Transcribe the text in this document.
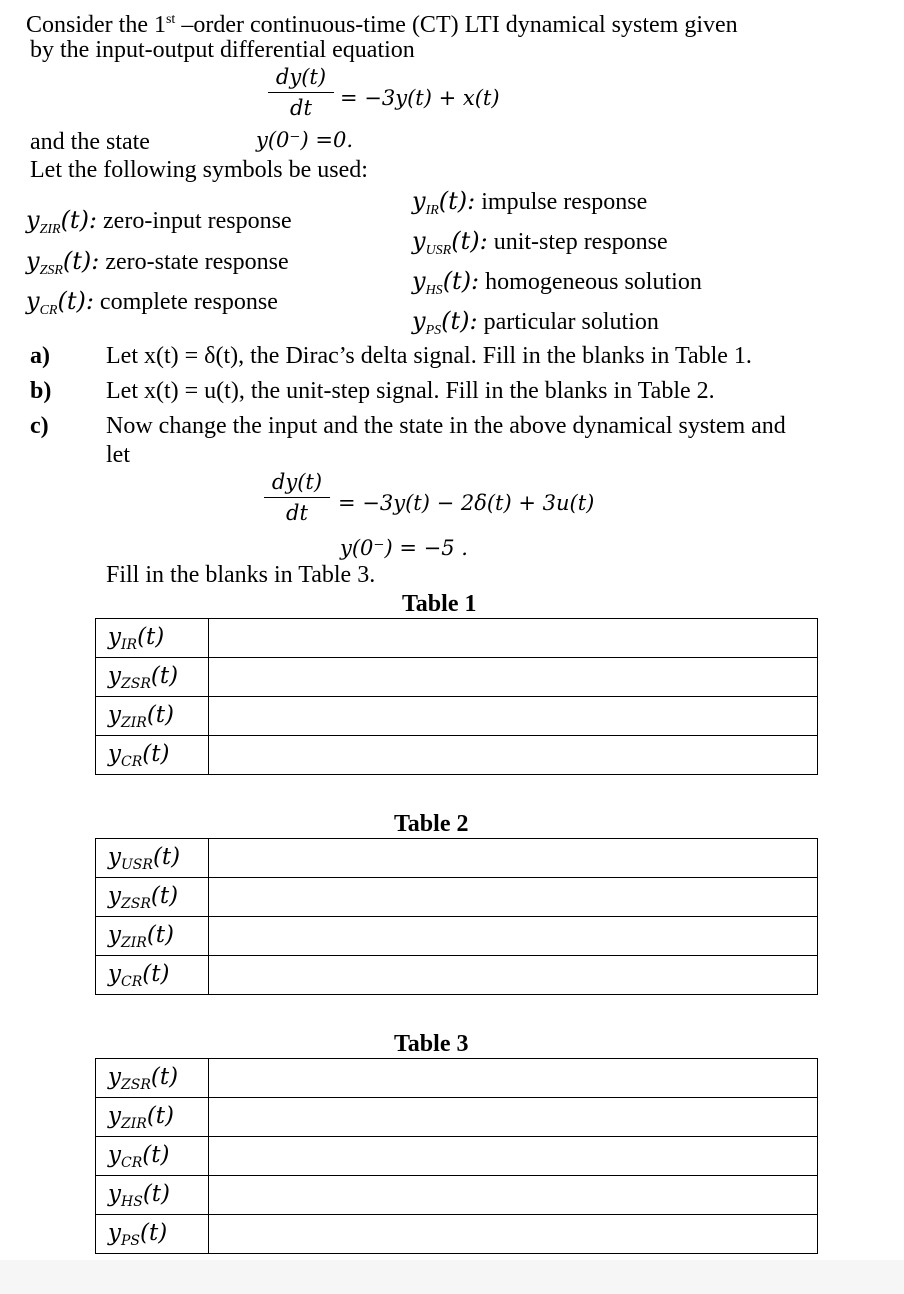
Consider the 1st –order continuous-time (CT) LTI dynamical system given
by the input-output differential equation
dy(t)
dt	= −3y(t) + x(t)
and the state	y(0⁻) =0.
Let the following symbols be used:
$y_{ZIR}(t)$: zero-input response
$y_{ZSR}(t)$: zero-state response
$y_{CR}(t)$: complete response
$y_{IR}(t)$: impulse response
$y_{USR}(t)$: unit-step response
$y_{HS}(t)$: homogeneous solution
$y_{PS}(t)$: particular solution
a) Let x(t) = δ(t), the Dirac’s delta signal. Fill in the blanks in Table 1.
b) Let x(t) = u(t), the unit-step signal. Fill in the blanks in Table 2.
c) Now change the input and the state in the above dynamical system and
let
dy(t)
dt	= −3y(t) − 2δ(t) + 3u(t)
y(0⁻) = −5 .
Fill in the blanks in Table 3.
Table 1
$y_{IR}(t)$	
$y_{ZSR}(t)$	
$y_{ZIR}(t)$	
$y_{CR}(t)$	
Table 2
$y_{USR}(t)$	
$y_{ZSR}(t)$	
$y_{ZIR}(t)$	
$y_{CR}(t)$	
Table 3
$y_{ZSR}(t)$	
$y_{ZIR}(t)$	
$y_{CR}(t)$	
$y_{HS}(t)$	
$y_{PS}(t)$	
